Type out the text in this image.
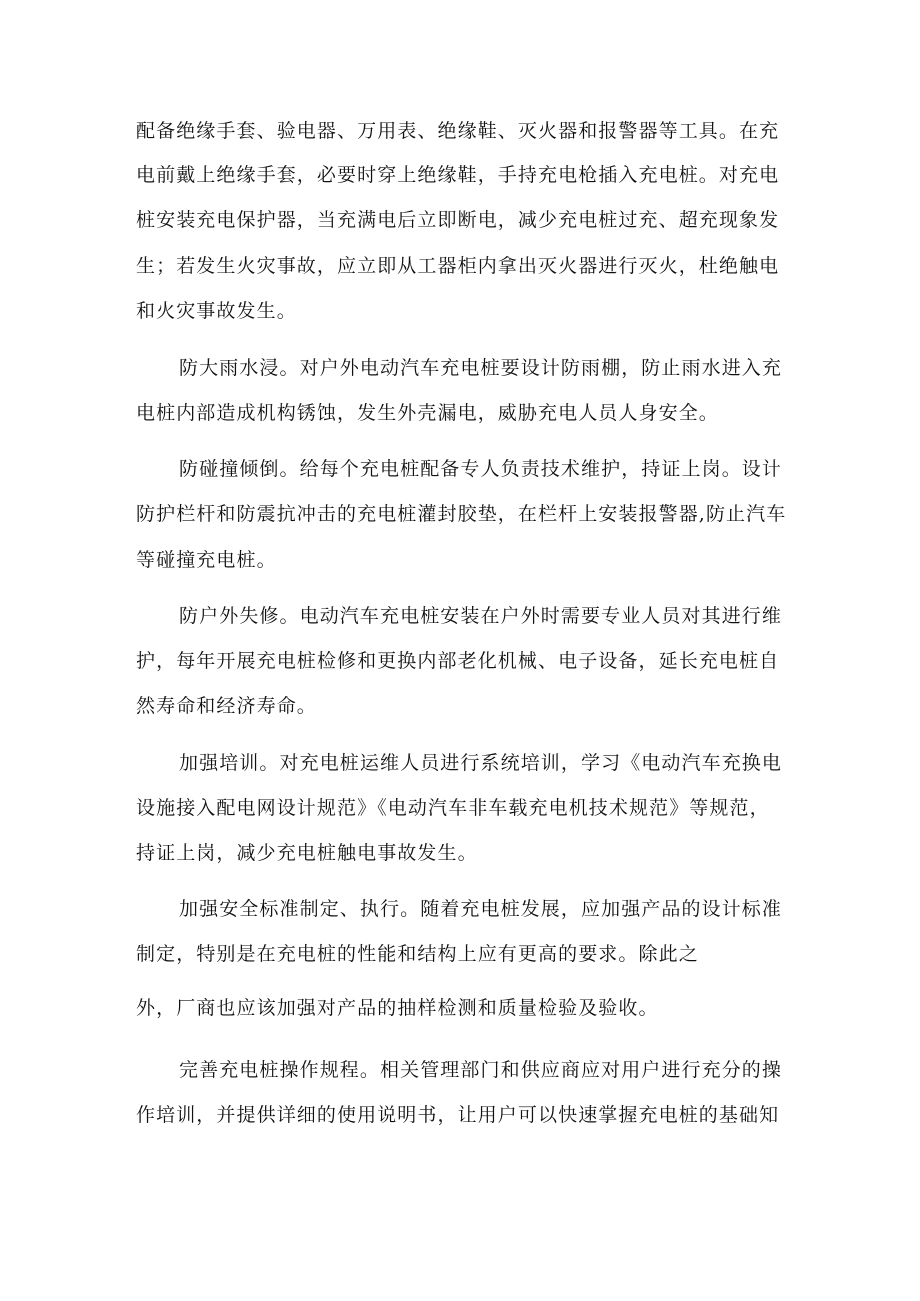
配备绝缘手套、验电器、万用表、绝缘鞋、灭火器和报警器等工具。在充
电前戴上绝缘手套，必要时穿上绝缘鞋，手持充电枪插入充电桩。对充电
桩安装充电保护器，当充满电后立即断电，减少充电桩过充、超充现象发
生；若发生火灾事故，应立即从工器柜内拿出灭火器进行灭火，杜绝触电
和火灾事故发生。
防大雨水浸。对户外电动汽车充电桩要设计防雨棚，防止雨水进入充
电桩内部造成机构锈蚀，发生外壳漏电，威胁充电人员人身安全。
防碰撞倾倒。给每个充电桩配备专人负责技术维护，持证上岗。设计
防护栏杆和防震抗冲击的充电桩灌封胶垫，在栏杆上安装报警器,防止汽车
等碰撞充电桩。
防户外失修。电动汽车充电桩安装在户外时需要专业人员对其进行维
护，每年开展充电桩检修和更换内部老化机械、电子设备，延长充电桩自
然寿命和经济寿命。
加强培训。对充电桩运维人员进行系统培训，学习《电动汽车充换电
设施接入配电网设计规范》《电动汽车非车载充电机技术规范》等规范，
持证上岗，减少充电桩触电事故发生。
加强安全标准制定、执行。随着充电桩发展，应加强产品的设计标准
制定，特别是在充电桩的性能和结构上应有更高的要求。除此之
外，厂商也应该加强对产品的抽样检测和质量检验及验收。
完善充电桩操作规程。相关管理部门和供应商应对用户进行充分的操
作培训，并提供详细的使用说明书，让用户可以快速掌握充电桩的基础知
